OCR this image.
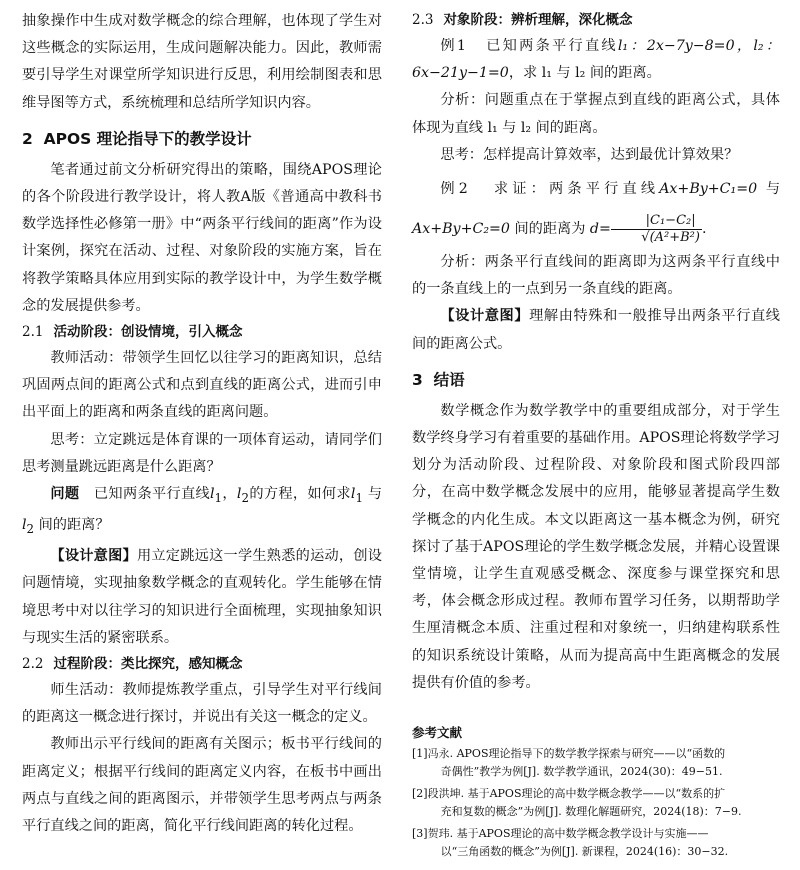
抽象操作中生成对数学概念的综合理解，也体现了学生对这些概念的实际运用，生成问题解决能力。因此，教师需要引导学生对课堂所学知识进行反思，利用绘制图表和思维导图等方式，系统梳理和总结所学知识内容。

2 APOS 理论指导下的教学设计

笔者通过前文分析研究得出的策略，围绕APOS理论的各个阶段进行教学设计，将人教A版《普通高中教科书数学选择性必修第一册》中“两条平行线间的距离”作为设计案例，探究在活动、过程、对象阶段的实施方案，旨在将教学策略具体应用到实际的教学设计中，为学生数学概念的发展提供参考。

2.1 活动阶段：创设情境，引入概念

教师活动：带领学生回忆以往学习的距离知识，总结巩固两点间的距离公式和点到直线的距离公式，进而引申出平面上的距离和两条直线的距离问题。

思考：立定跳远是体育课的一项体育运动，请同学们思考测量跳远距离是什么距离？

问题 已知两条平行直线$l_1$，$l_2$的方程，如何求$l_1$ 与 $l_2$ 间的距离？

【设计意图】用立定跳远这一学生熟悉的运动，创设问题情境，实现抽象数学概念的直观转化。学生能够在情境思考中对以往学习的知识进行全面梳理，实现抽象知识与现实生活的紧密联系。

2.2 过程阶段：类比探究，感知概念

师生活动：教师提炼教学重点，引导学生对平行线间的距离这一概念进行探讨，并说出有关这一概念的定义。

教师出示平行线间的距离有关图示；板书平行线间的距离定义；根据平行线间的距离定义内容，在板书中画出两点与直线之间的距离图示，并带领学生思考两点与两条平行直线之间的距离，简化平行线间距离的转化过程。

2.3 对象阶段：辨析理解，深化概念

例1 已知两条平行直线l₁：2x−7y−8=0，l₂：6x−21y−1=0，求 l₁ 与 l₂ 间的距离。

分析：问题重点在于掌握点到直线的距离公式，具体体现为直线 l₁ 与 l₂ 间的距离。

思考：怎样提高计算效率，达到最优计算效果？

例2 求证：两条平行直线Ax+By+C₁=0 与 Ax+By+C₂=0 间的距离为 $d= \frac{\text{|C₁−C₂|}}{\text{√(A²+B²)}}$ .

分析：两条平行直线间的距离即为这两条平行直线中的一条直线上的一点到另一条直线的距离。

【设计意图】理解由特殊和一般推导出两条平行直线间的距离公式。

3 结语

数学概念作为数学教学中的重要组成部分，对于学生数学终身学习有着重要的基础作用。APOS理论将数学学习划分为活动阶段、过程阶段、对象阶段和图式阶段四部分，在高中数学概念发展中的应用，能够显著提高学生数学概念的内化生成。本文以距离这一基本概念为例，研究探讨了基于APOS理论的学生数学概念发展，并精心设置课堂情境，让学生直观感受概念、深度参与课堂探究和思考，体会概念形成过程。教师布置学习任务，以期帮助学生厘清概念本质、注重过程和对象统一，归纳建构联系性的知识系统设计策略，从而为提高高中生距离概念的发展提供有价值的参考。

参考文献

[1]冯永. APOS理论指导下的数学教学探索与研究——以“函数的
奇偶性”教学为例[J]. 数学教学通讯，2024(30)：49−51.

[2]段洪坤. 基于APOS理论的高中数学概念教学——以“数系的扩
充和复数的概念”为例[J]. 数理化解题研究，2024(18)：7−9.

[3]贺玮. 基于APOS理论的高中数学概念教学设计与实施——
以“三角函数的概念”为例[J]. 新课程，2024(16)：30−32.
